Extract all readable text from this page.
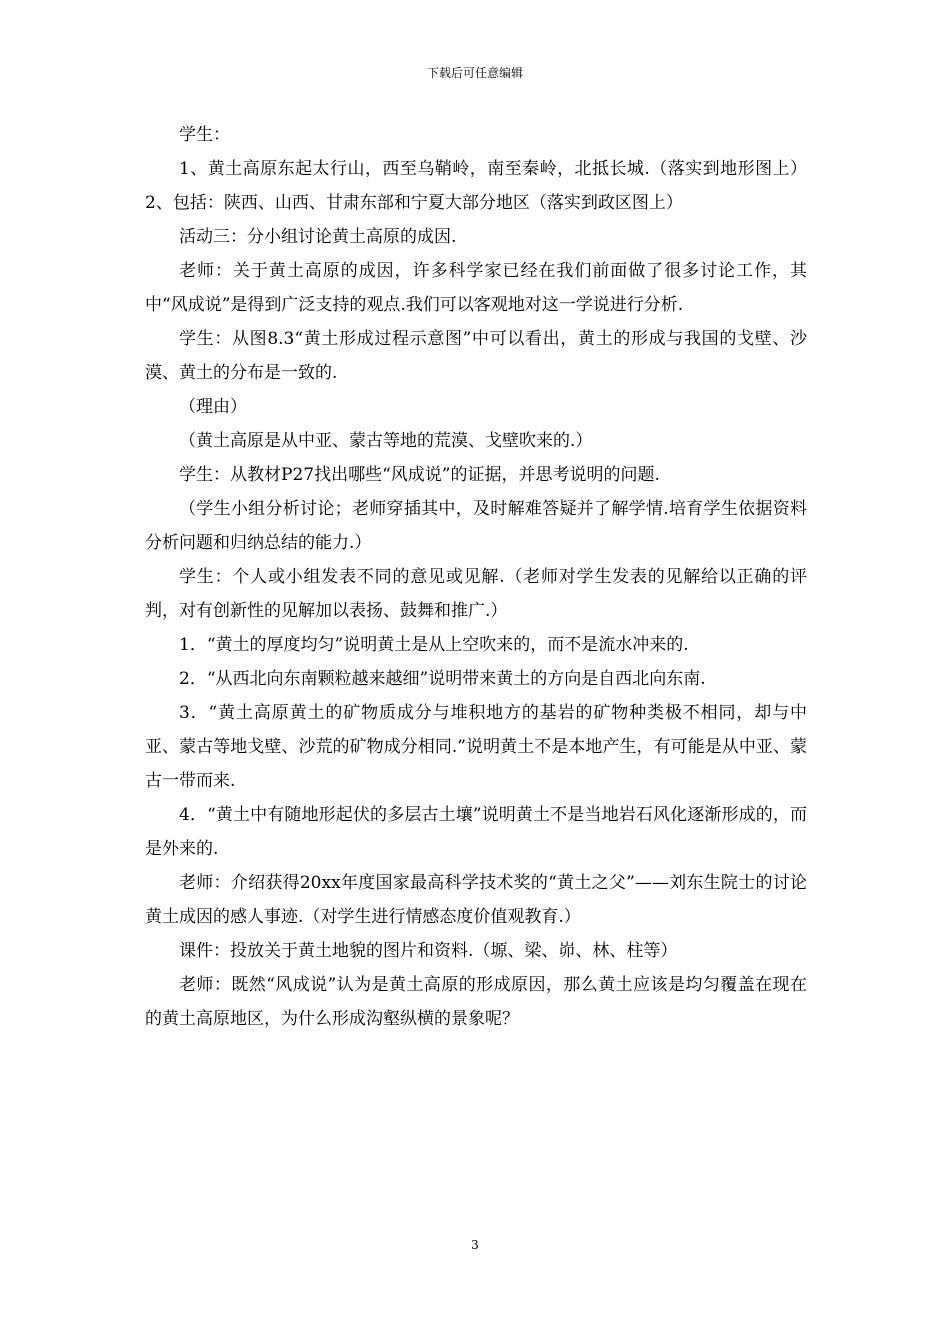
下载后可任意编辑

学生：

1、黄土高原东起太行山，西至乌鞘岭，南至秦岭，北抵长城.（落实到地形图上）2、包括：陕西、山西、甘肃东部和宁夏大部分地区（落实到政区图上）

活动三：分小组讨论黄土高原的成因.

老师：关于黄土高原的成因，许多科学家已经在我们前面做了很多讨论工作，其中“风成说”是得到广泛支持的观点.我们可以客观地对这一学说进行分析.

学生：从图8.3“黄土形成过程示意图”中可以看出，黄土的形成与我国的戈壁、沙漠、黄土的分布是一致的.

（理由）

（黄土高原是从中亚、蒙古等地的荒漠、戈壁吹来的.）

学生：从教材P27找出哪些“风成说”的证据，并思考说明的问题.

（学生小组分析讨论；老师穿插其中，及时解难答疑并了解学情.培育学生依据资料分析问题和归纳总结的能力.）

学生：个人或小组发表不同的意见或见解.（老师对学生发表的见解给以正确的评判，对有创新性的见解加以表扬、鼓舞和推广.）

1．“黄土的厚度均匀”说明黄土是从上空吹来的，而不是流水冲来的.

2．“从西北向东南颗粒越来越细”说明带来黄土的方向是自西北向东南.

3．“黄土高原黄土的矿物质成分与堆积地方的基岩的矿物种类极不相同，却与中亚、蒙古等地戈壁、沙荒的矿物成分相同.”说明黄土不是本地产生，有可能是从中亚、蒙古一带而来.

4．“黄土中有随地形起伏的多层古土壤”说明黄土不是当地岩石风化逐渐形成的，而是外来的.

老师：介绍获得20xx年度国家最高科学技术奖的“黄土之父”——刘东生院士的讨论黄土成因的感人事迹.（对学生进行情感态度价值观教育.）

课件：投放关于黄土地貌的图片和资料.（塬、梁、峁、林、柱等）

老师：既然“风成说”认为是黄土高原的形成原因，那么黄土应该是均匀覆盖在现在的黄土高原地区，为什么形成沟壑纵横的景象呢？

3
